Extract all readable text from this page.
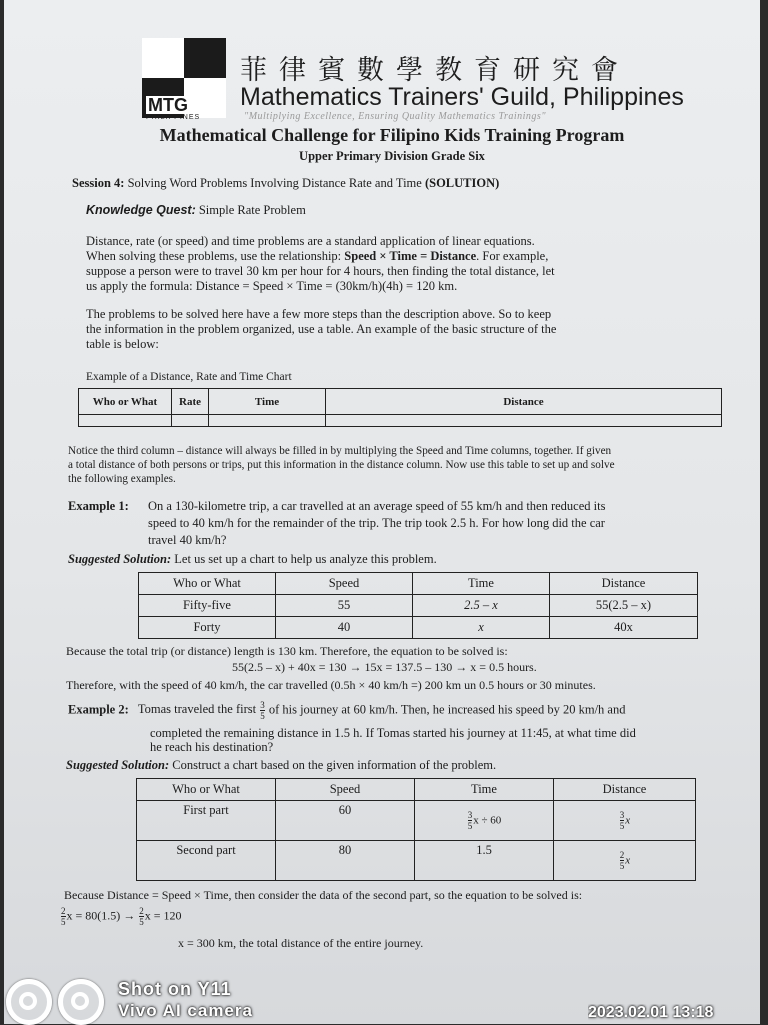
MTG
PHILIPPINES
菲律賓數學教育研究會
Mathematics Trainers' Guild, Philippines
"Multiplying Excellence, Ensuring Quality Mathematics Trainings"
Mathematical Challenge for Filipino Kids Training Program
Upper Primary Division Grade Six
Session 4: Solving Word Problems Involving Distance Rate and Time (SOLUTION)
Knowledge Quest: Simple Rate Problem
Distance, rate (or speed) and time problems are a standard application of linear equations.
When solving these problems, use the relationship: Speed × Time = Distance. For example,
suppose a person were to travel 30 km per hour for 4 hours, then finding the total distance, let
us apply the formula: Distance = Speed × Time = (30km/h)(4h) = 120 km.
The problems to be solved here have a few more steps than the description above. So to keep
the information in the problem organized, use a table. An example of the basic structure of the
table is below:
Example of a Distance, Rate and Time Chart
Who or What	Rate	Time	Distance

Notice the third column – distance will always be filled in by multiplying the Speed and Time columns, together. If given
a total distance of both persons or trips, put this information in the distance column. Now use this table to set up and solve
the following examples.
Example 1: On a 130-kilometre trip, a car travelled at an average speed of 55 km/h and then reduced its
speed to 40 km/h for the remainder of the trip. The trip took 2.5 h. For how long did the car
travel 40 km/h?
Suggested Solution: Let us set up a chart to help us analyze this problem.
Who or What	Speed	Time	Distance
Fifty-five	55	2.5 – x	55(2.5 – x)
Forty	40	x	40x
Because the total trip (or distance) length is 130 km. Therefore, the equation to be solved is:
55(2.5 – x) + 40x = 130 → 15x = 137.5 – 130 → x = 0.5 hours.
Therefore, with the speed of 40 km/h, the car travelled (0.5h × 40 km/h =) 200 km un 0.5 hours or 30 minutes.
Example 2: Tomas traveled the first $\frac{3}{5}$ of his journey at 60 km/h. Then, he increased his speed by 20 km/h and
completed the remaining distance in 1.5 h. If Tomas started his journey at 11:45, at what time did
he reach his destination?
Suggested Solution: Construct a chart based on the given information of the problem.
Who or What	Speed	Time	Distance
First part	60	$\frac{3}{5}$ x ÷ 60	$\frac{3}{5}$ x
Second part	80	1.5	$\frac{2}{5}$ x
Because Distance = Speed × Time, then consider the data of the second part, so the equation to be solved is:
$\frac{2}{5}$ $x = 80(1.5) \to \frac{2}{5}$ x = 120
x = 300 km, the total distance of the entire journey.
Shot on Y11
Vivo AI camera	2023.02.01 13:18
